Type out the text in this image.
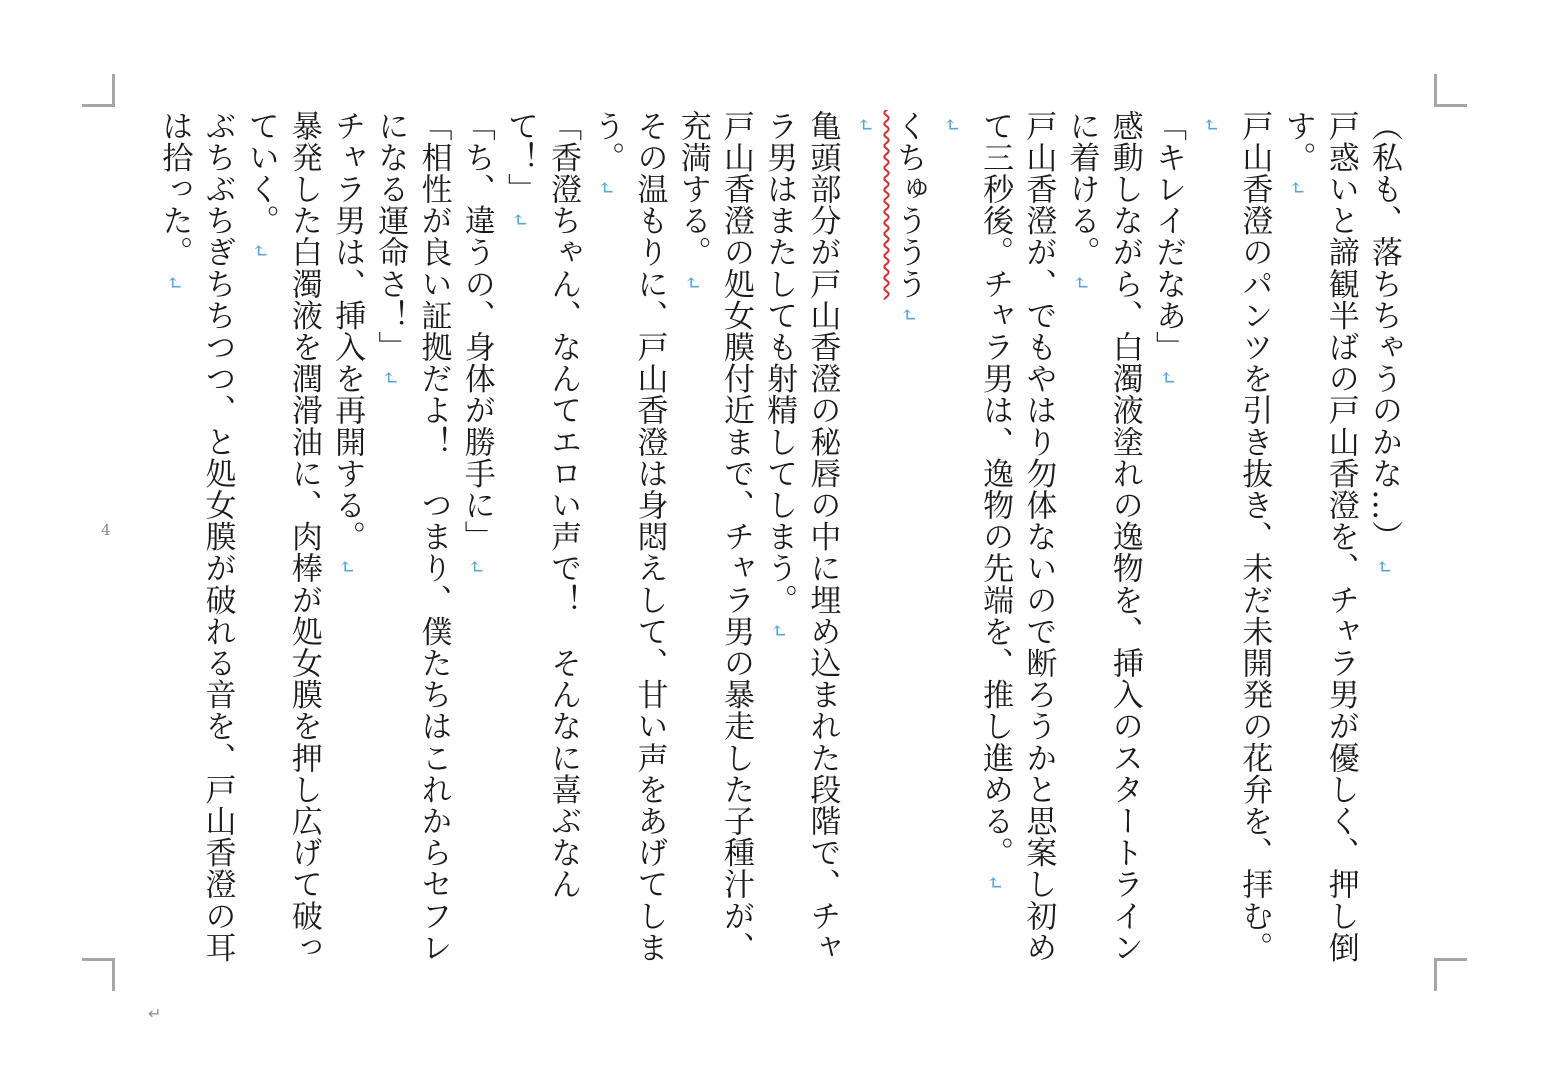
（私も、落ちちゃうのかな…）↵

戸惑いと諦観半ばの戸山香澄を、チャラ男が優しく、押し倒す。↵

戸山香澄のパンツを引き抜き、未だ未開発の花弁を、拝む。↵

「キレイだなあ」↵

感動しながら、白濁液塗れの逸物を、挿入のスタートラインに着ける。↵

戸山香澄が、でもやはり勿体ないので断ろうかと思案し初めて三秒後。チャラ男は、逸物の先端を、推し進める。↵

↵

くちゅううう↵

↵

亀頭部分が戸山香澄の秘唇の中に埋め込まれた段階で、チャラ男はまたしても射精してしまう。↵

戸山香澄の処女膜付近まで、チャラ男の暴走した子種汁が、充満する。↵

その温もりに、戸山香澄は身悶えして、甘い声をあげてしまう。↵

「香澄ちゃん、なんてエロい声で！　そんなに喜ぶなんて！」↵

「ち、違うの、身体が勝手に」↵

「相性が良い証拠だよ！　つまり、僕たちはこれからセフレになる運命さ！」↵

チャラ男は、挿入を再開する。↵

暴発した白濁液を潤滑油に、肉棒が処女膜を押し広げて破っていく。↵

ぶちぶちぎちちつつ、と処女膜が破れる音を、戸山香澄の耳は拾った。↵

4
↵
